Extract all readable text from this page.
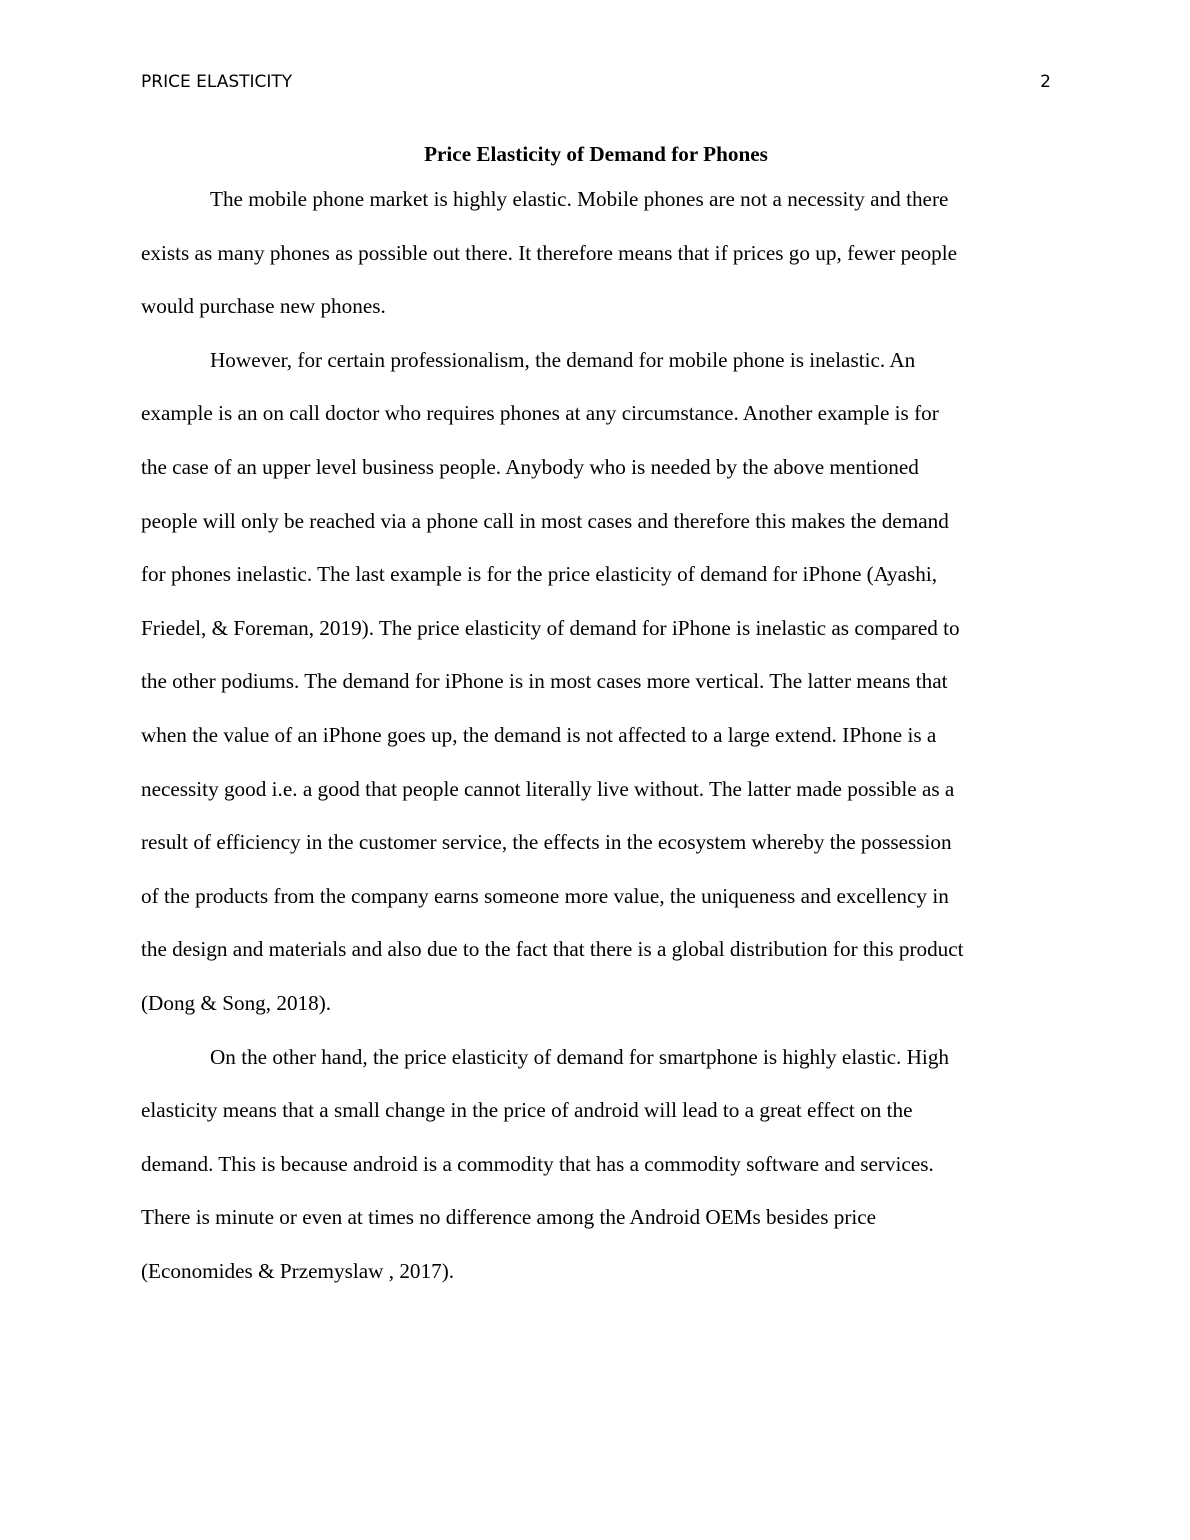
PRICE ELASTICITY	2
Price Elasticity of Demand for Phones
The mobile phone market is highly elastic. Mobile phones are not a necessity and there
exists as many phones as possible out there. It therefore means that if prices go up, fewer people
would purchase new phones.
However, for certain professionalism, the demand for mobile phone is inelastic. An
example is an on call doctor who requires phones at any circumstance. Another example is for
the case of an upper level business people. Anybody who is needed by the above mentioned
people will only be reached via a phone call in most cases and therefore this makes the demand
for phones inelastic. The last example is for the price elasticity of demand for iPhone (Ayashi,
Friedel, & Foreman, 2019). The price elasticity of demand for iPhone is inelastic as compared to
the other podiums. The demand for iPhone is in most cases more vertical. The latter means that
when the value of an iPhone goes up, the demand is not affected to a large extend. IPhone is a
necessity good i.e. a good that people cannot literally live without. The latter made possible as a
result of efficiency in the customer service, the effects in the ecosystem whereby the possession
of the products from the company earns someone more value, the uniqueness and excellency in
the design and materials and also due to the fact that there is a global distribution for this product
(Dong & Song, 2018).
On the other hand, the price elasticity of demand for smartphone is highly elastic. High
elasticity means that a small change in the price of android will lead to a great effect on the
demand. This is because android is a commodity that has a commodity software and services.
There is minute or even at times no difference among the Android OEMs besides price
(Economides & Przemyslaw , 2017).
